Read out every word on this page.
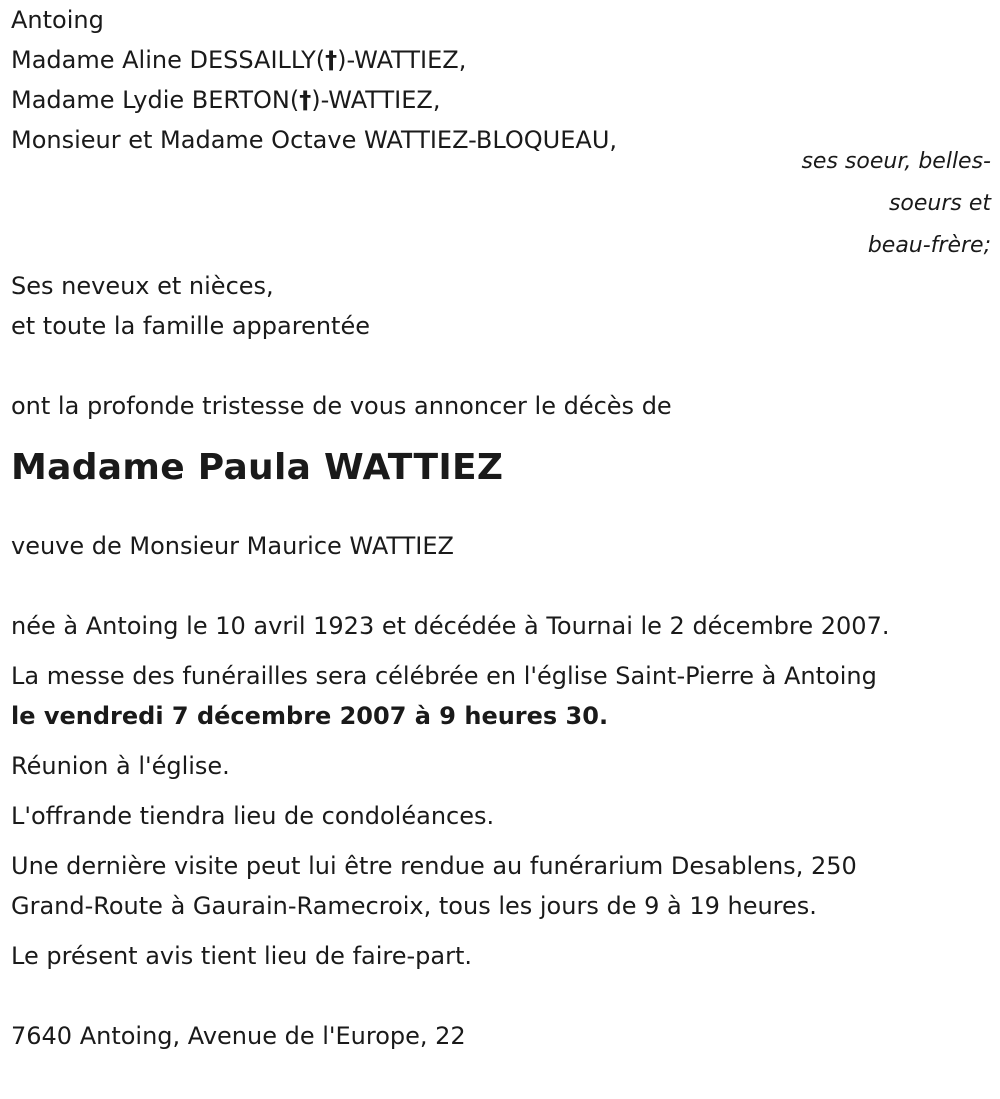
Antoing
Madame Aline DESSAILLY(†)-WATTIEZ,
Madame Lydie BERTON(†)-WATTIEZ,
Monsieur et Madame Octave WATTIEZ-BLOQUEAU,
ses soeur, belles-
soeurs et
beau-frère;
Ses neveux et nièces,
et toute la famille apparentée
ont la profonde tristesse de vous annoncer le décès de
Madame Paula WATTIEZ
veuve de Monsieur Maurice WATTIEZ
née à Antoing le 10 avril 1923 et décédée à Tournai le 2 décembre 2007.
La messe des funérailles sera célébrée en l'église Saint-Pierre à Antoing
le vendredi 7 décembre 2007 à 9 heures 30.
Réunion à l'église.
L'offrande tiendra lieu de condoléances.
Une dernière visite peut lui être rendue au funérarium Desablens, 250
Grand-Route à Gaurain-Ramecroix, tous les jours de 9 à 19 heures.
Le présent avis tient lieu de faire-part.
7640 Antoing, Avenue de l'Europe, 22
